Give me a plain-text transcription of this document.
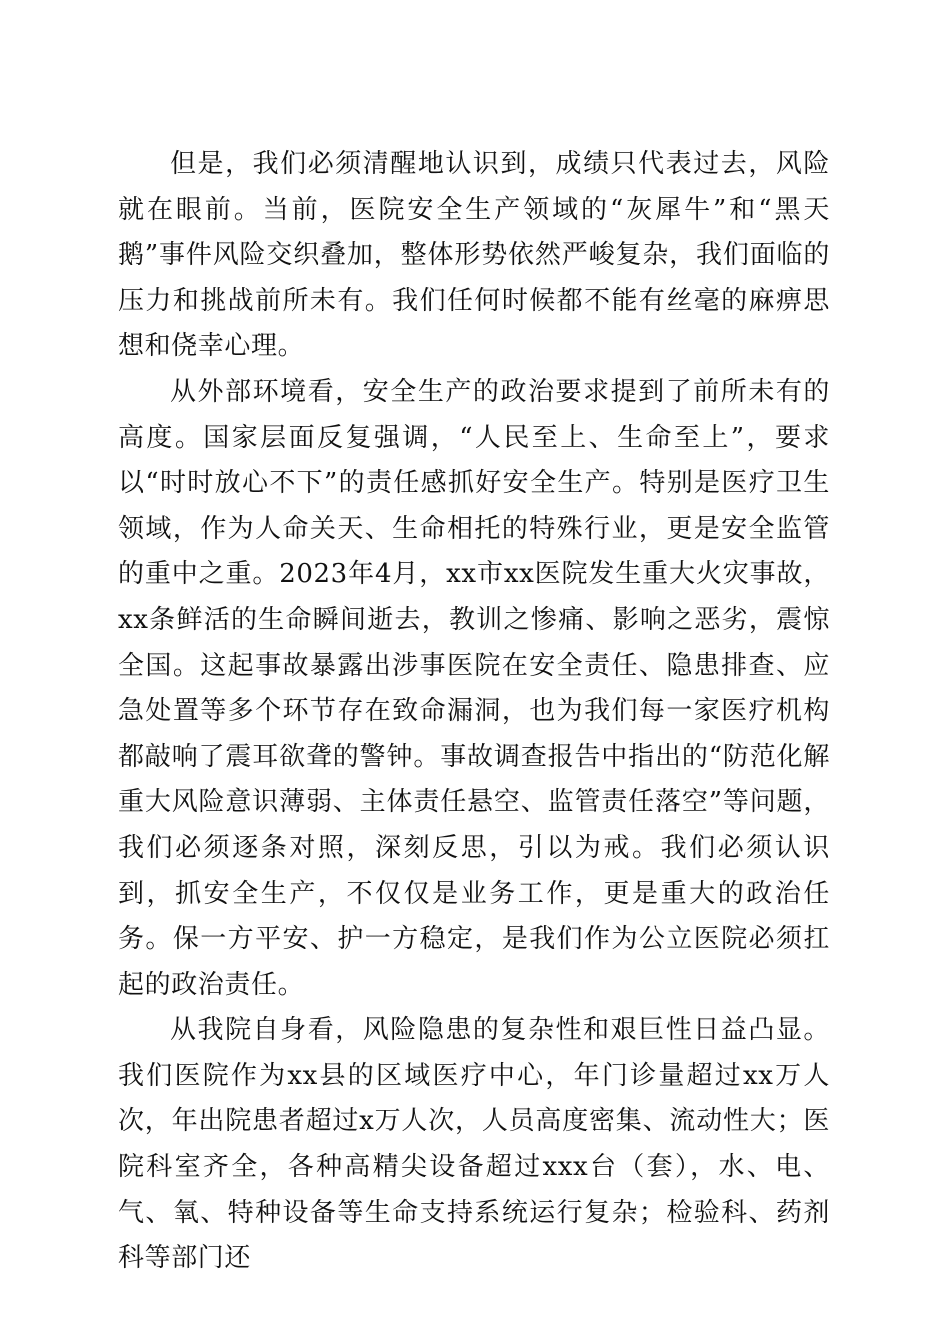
但是，我们必须清醒地认识到，成绩只代表过去，风险就在眼前。当前，医院安全生产领域的“灰犀牛”和“黑天鹅”事件风险交织叠加，整体形势依然严峻复杂，我们面临的压力和挑战前所未有。我们任何时候都不能有丝毫的麻痹思想和侥幸心理。

从外部环境看，安全生产的政治要求提到了前所未有的高度。国家层面反复强调，“人民至上、生命至上”，要求以“时时放心不下”的责任感抓好安全生产。特别是医疗卫生领域，作为人命关天、生命相托的特殊行业，更是安全监管的重中之重。2023年4月，xx市xx医院发生重大火灾事故，xx条鲜活的生命瞬间逝去，教训之惨痛、影响之恶劣，震惊全国。这起事故暴露出涉事医院在安全责任、隐患排查、应急处置等多个环节存在致命漏洞，也为我们每一家医疗机构都敲响了震耳欲聋的警钟。事故调查报告中指出的“防范化解重大风险意识薄弱、主体责任悬空、监管责任落空”等问题，我们必须逐条对照，深刻反思，引以为戒。我们必须认识到，抓安全生产，不仅仅是业务工作，更是重大的政治任务。保一方平安、护一方稳定，是我们作为公立医院必须扛起的政治责任。

从我院自身看，风险隐患的复杂性和艰巨性日益凸显。我们医院作为xx县的区域医疗中心，年门诊量超过xx万人次，年出院患者超过x万人次，人员高度密集、流动性大；医院科室齐全，各种高精尖设备超过xxx台（套），水、电、气、氧、特种设备等生命支持系统运行复杂；检验科、药剂科等部门还
